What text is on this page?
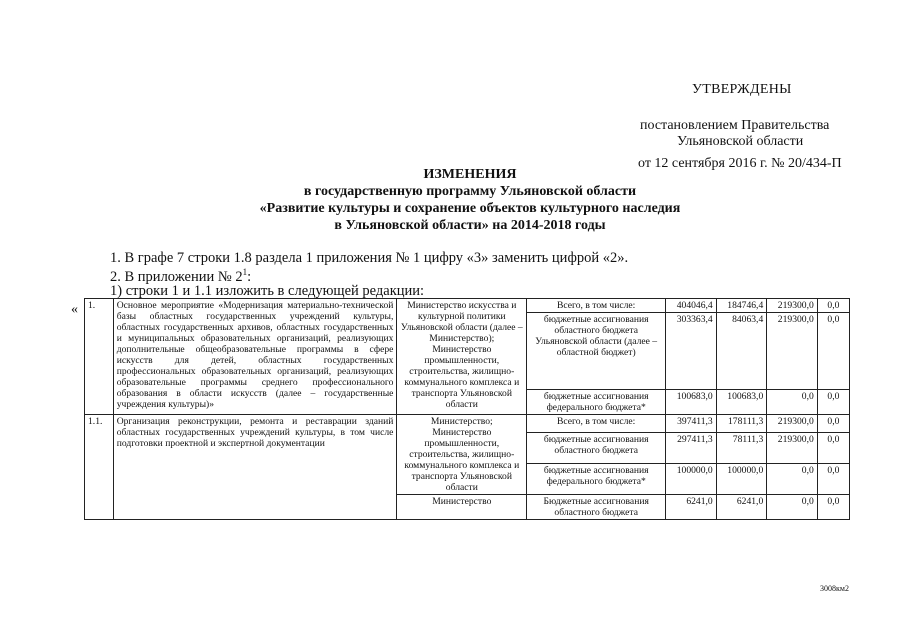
УТВЕРЖДЕНЫ
постановлением Правительства
Ульяновской области
от 12 сентября 2016 г. № 20/434-П
ИЗМЕНЕНИЯ
в государственную программу Ульяновской области
«Развитие культуры и сохранение объектов культурного наследия
в Ульяновской области» на 2014-2018 годы
1. В графе 7 строки 1.8 раздела 1 приложения № 1 цифру «3» заменить цифрой «2».
2. В приложении № $2^1$:
1) строки 1 и 1.1 изложить в следующей редакции:
« 1.	Основное мероприятие «Модернизация материально-технической базы областных государственных учреждений культуры, областных государственных архивов, областных государственных и муниципальных образовательных организаций, реализующих дополнительные общеобразовательные программы в сфере искусств для детей, областных государственных профессиональных образовательных организаций, реализующих образовательные программы среднего профессионального образования в области искусств (далее – государственные учреждения культуры)»	Министерство искусства и культурной политики Ульяновской области (далее – Министерство); Министерство промышленности, строительства, жилищно-коммунального комплекса и транспорта Ульяновской области	Всего, в том числе:	404046,4	184746,4	219300,0	0,0
			бюджетные ассигнования областного бюджета Ульяновской области (далее – областной бюджет)	303363,4	84063,4	219300,0	0,0
			бюджетные ассигнования федерального бюджета*	100683,0	100683,0	0,0	0,0
1.1.	Организация реконструкции, ремонта и реставрации зданий областных государственных учреждений культуры, в том числе подготовки проектной и экспертной документации	Министерство; Министерство промышленности, строительства, жилищно-коммунального комплекса и транспорта Ульяновской области	Всего, в том числе:	397411,3	178111,3	219300,0	0,0
			бюджетные ассигнования областного бюджета	297411,3	78111,3	219300,0	0,0
			бюджетные ассигнования федерального бюджета*	100000,0	100000,0	0,0	0,0
		Министерство	Бюджетные ассигнования областного бюджета	6241,0	6241,0	0,0	0,0
3008км2
